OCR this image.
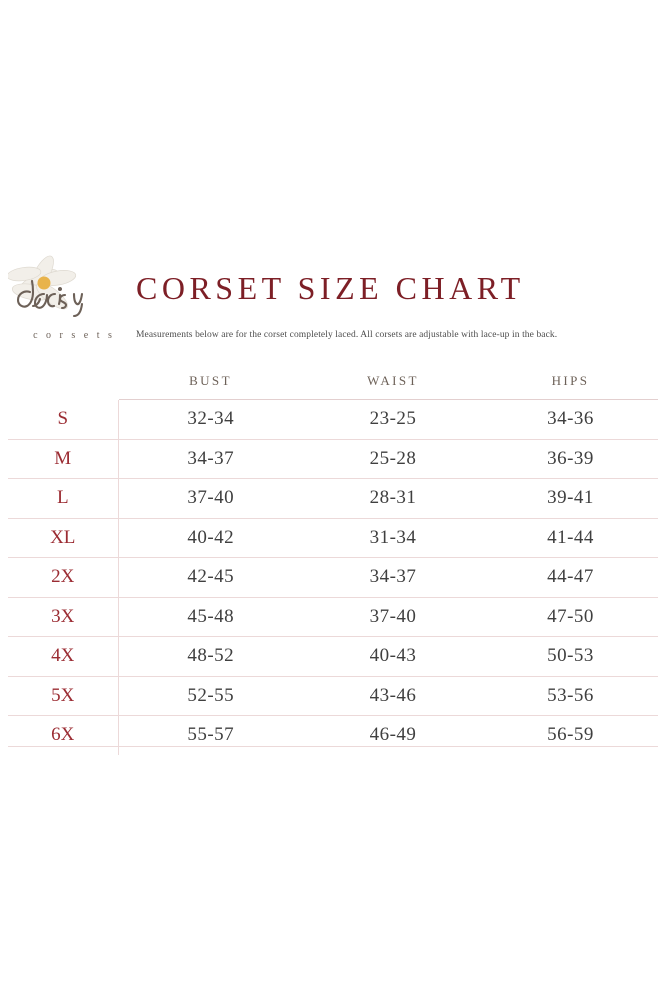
c o r s e t s
CORSET SIZE CHART
Measurements below are for the corset completely laced. All corsets are adjustable with lace-up in the back.
	BUST	WAIST	HIPS
S	32-34	23-25	34-36
M	34-37	25-28	36-39
L	37-40	28-31	39-41
XL	40-42	31-34	41-44
2X	42-45	34-37	44-47
3X	45-48	37-40	47-50
4X	48-52	40-43	50-53
5X	52-55	43-46	53-56
6X	55-57	46-49	56-59
